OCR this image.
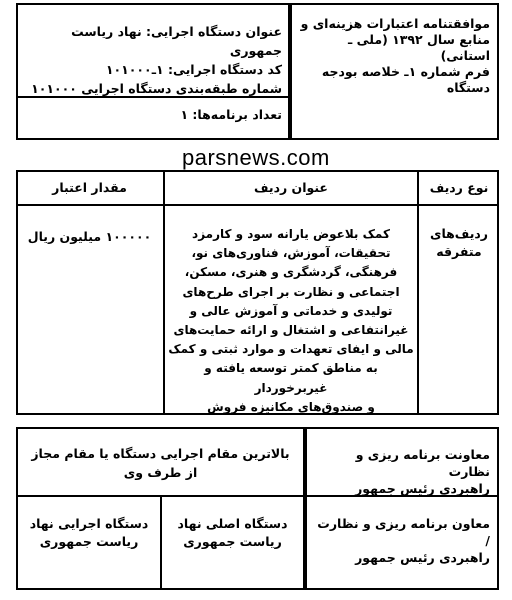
موافقتنامه اعتبارات هزینه‌ای و
منابع سال ۱۳۹۲ (ملی ـ استانی)
فرم شماره ۱ـ خلاصه بودجه
دستگاه
عنوان دستگاه اجرایی: نهاد ریاست جمهوری
کد دستگاه اجرایی: ۱ـ۱۰۱۰۰۰
شماره طبقه‌بندی دستگاه اجرایی ۱۰۱۰۰۰
تعداد برنامه‌ها: ۱
parsnews.com
نوع ردیف
عنوان ردیف
مقدار اعتبار
ردیف‌های متفرقه
کمک بلاعوض یارانه سود و کارمزد
تحقیقات، آموزش، فناوری‌های نو،
فرهنگی، گردشگری و هنری، مسکن،
اجتماعی و نظارت بر اجرای طرح‌های
تولیدی و خدماتی و آموزش عالی و
غیرانتفاعی و اشتغال و ارائه حمایت‌های
مالی و ایفای تعهدات و موارد ثبتی و کمک
به مناطق کمتر توسعه یافته و غیربرخوردار
و صندوق‌های مکانیزه فروش
۱۰۰۰۰۰ میلیون ریال
معاونت برنامه ریزی و نظارت
راهبردی رئیس جمهور
معاون برنامه ریزی و نظارت /
راهبردی رئیس جمهور
بالاترین مقام اجرایی دستگاه یا مقام مجاز
از طرف وی
دستگاه اصلی نهاد
ریاست جمهوری
دستگاه اجرایی نهاد
ریاست جمهوری
